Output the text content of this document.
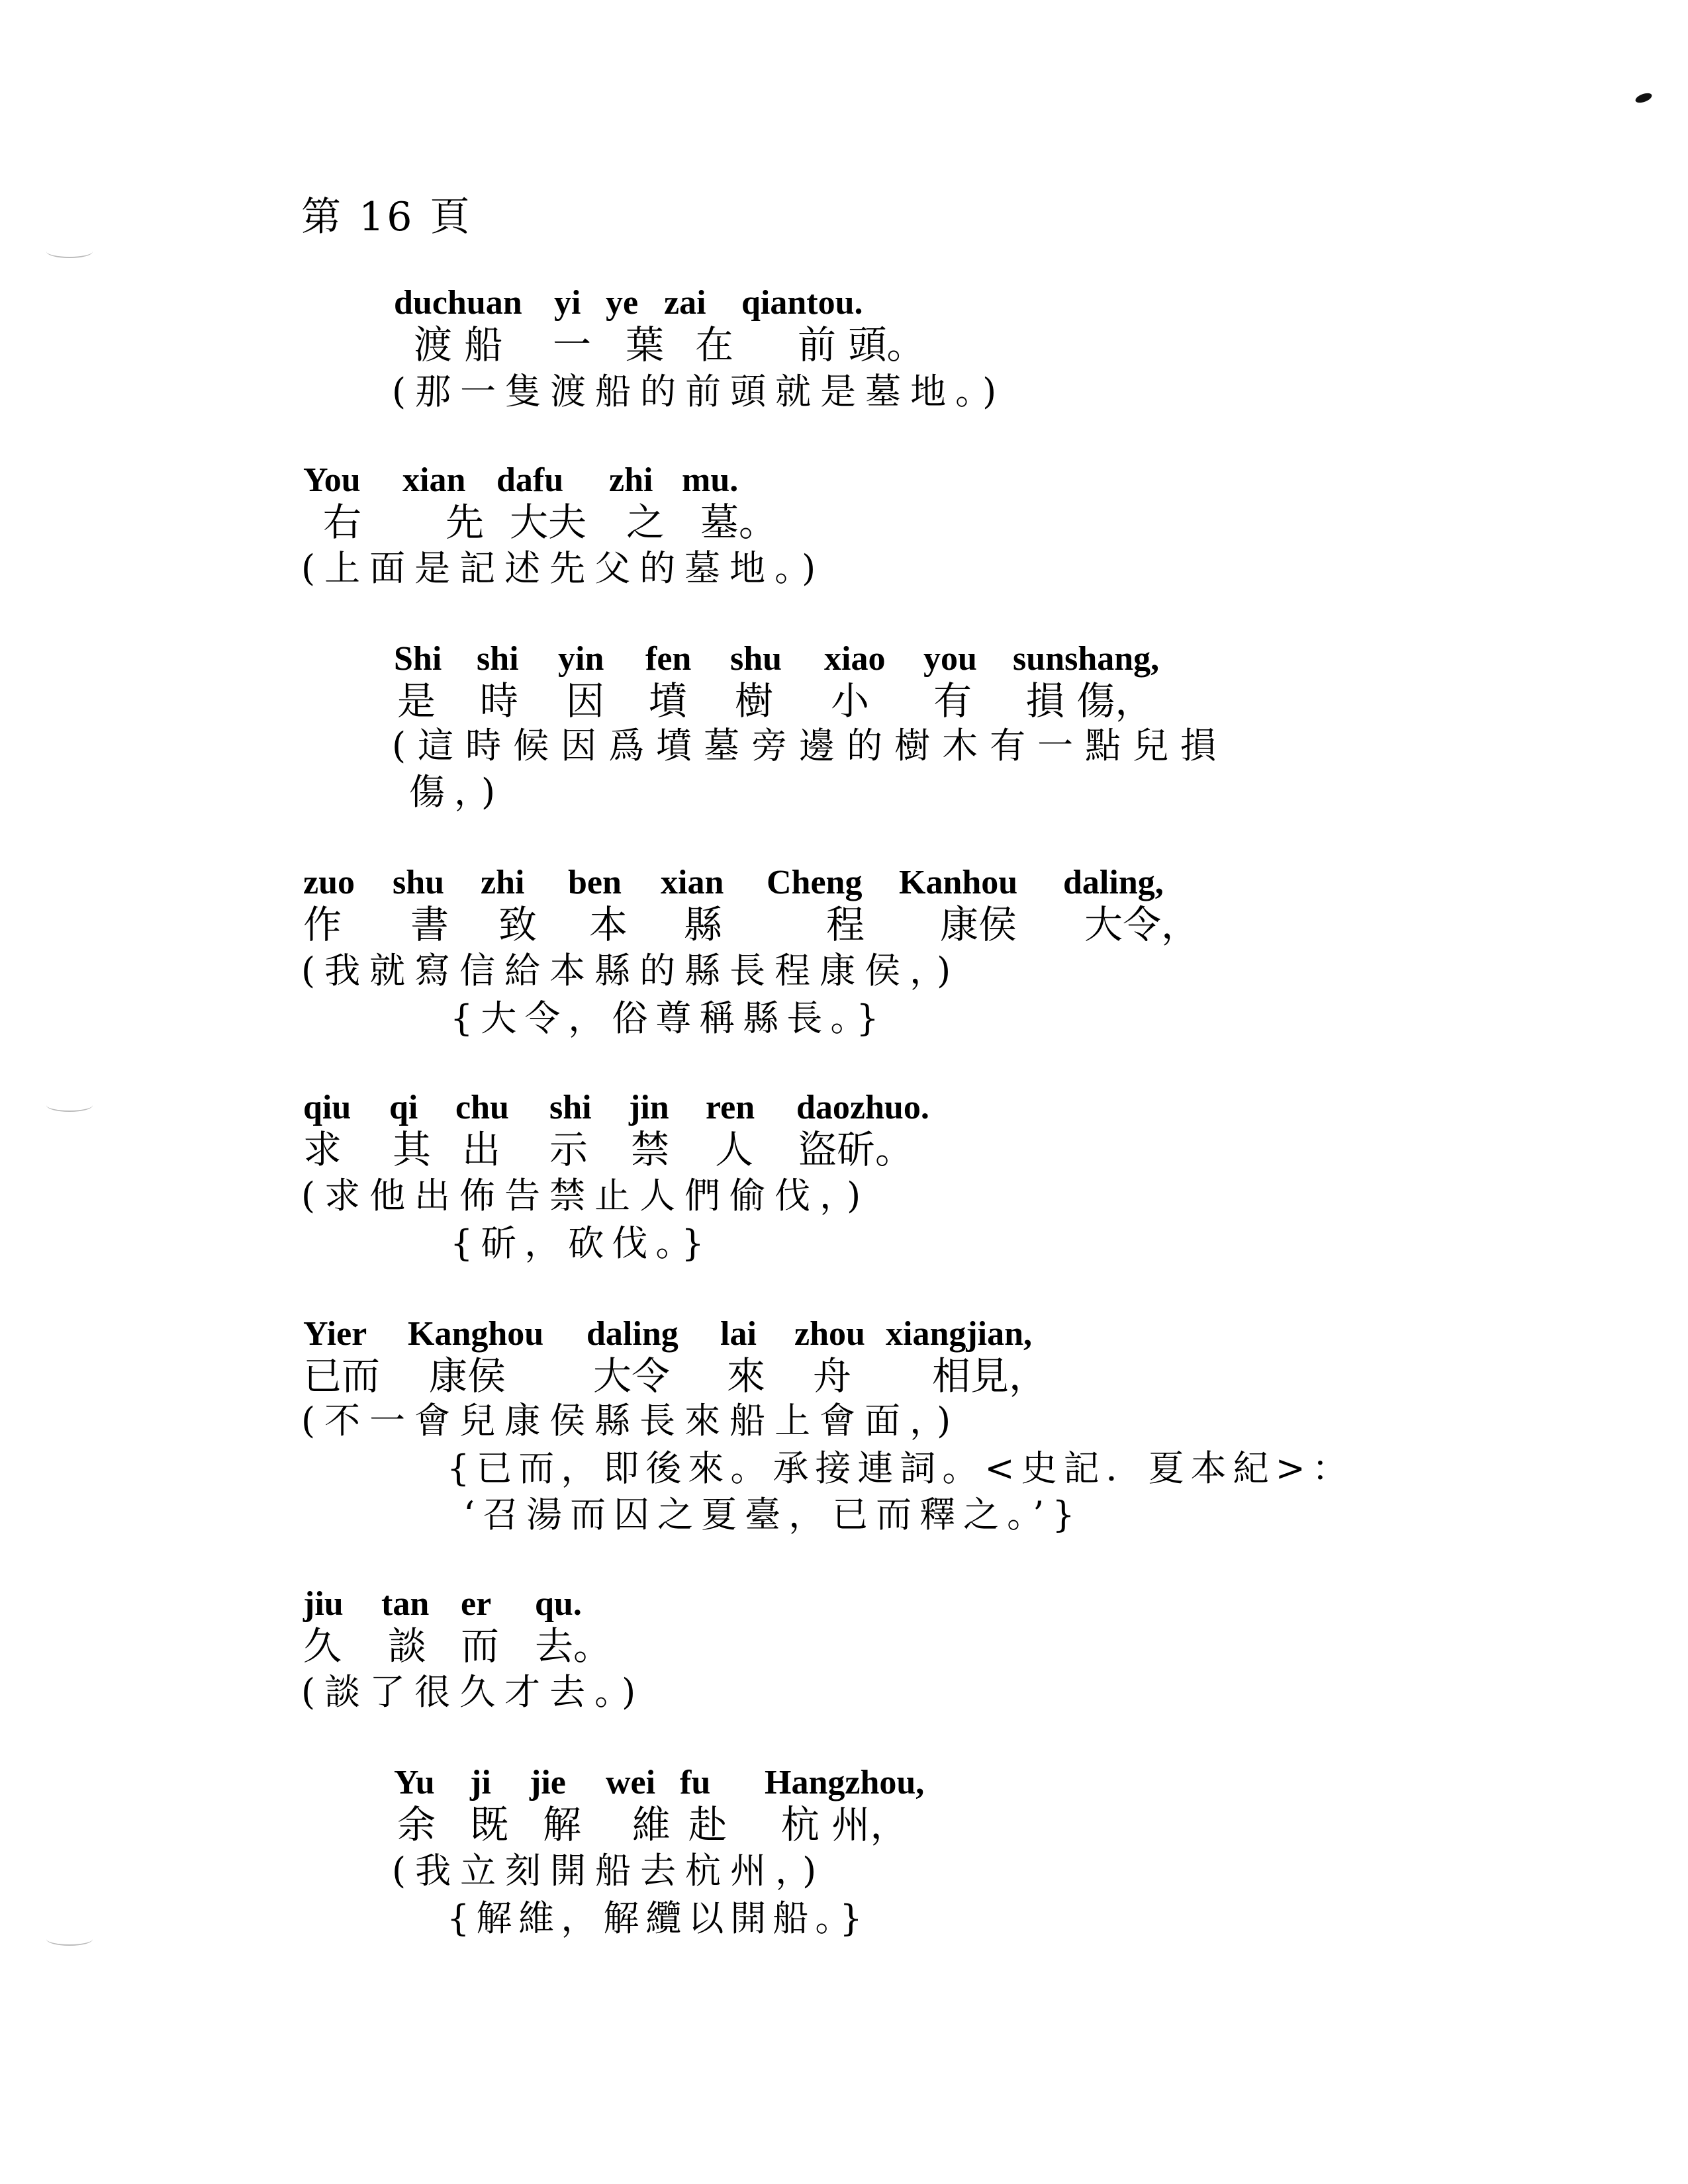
第 16 頁
duchuan yi ye zai qiantou.
渡 船 一 葉 在 前 頭。
(那一隻渡船的前頭就是墓地。)
You xian dafu zhi mu.
右 先 大夫 之 墓。
(上面是記述先父的墓地。)
Shi shi yin fen shu xiao you sunshang,
是 時 因 墳 樹 小 有 損 傷，
(這時候因爲墳墓旁邊的樹木有一點兒損
傷，)
zuo shu zhi ben xian Cheng Kanhou daling,
作 書 致 本 縣	程 康侯 大令，
(我就寫信給本縣的縣長程康侯，)
{大令，俗尊稱縣長。}
qiu qi chu shi jin ren daozhuo.
求 其 出 示 禁 人 盜斫。
(求他出佈告禁止人們偷伐，)
{斫，砍伐。}
Yier Kanghou daling lai zhou xiangjian,
已而 康侯 大令 來 舟 相見，
(不一會兒康侯縣長來船上會面，)
{已而，即後來。承接連詞。<史記．夏本紀>：
‘召湯而囚之夏臺，已而釋之。’}
jiu tan er qu.
久 談 而 去。
(談了很久才去。)
Yu ji jie wei fu Hangzhou,
余 既 解 維 赴 杭 州，
(我立刻開船去杭州，)
{解維，解纜以開船。}
